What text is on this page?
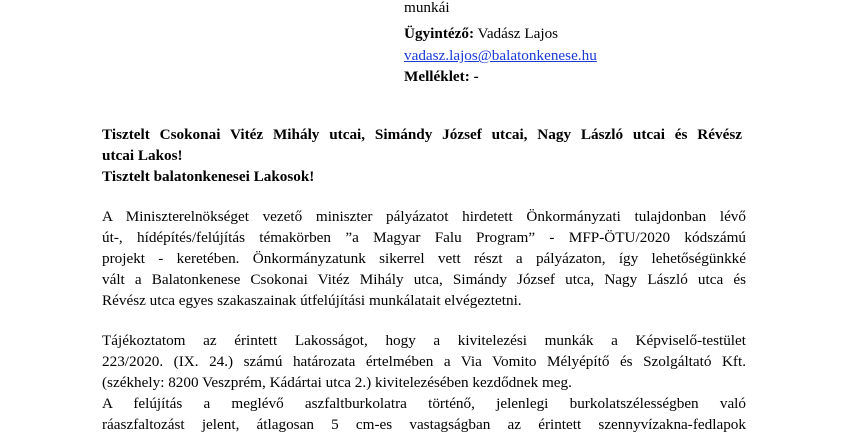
munkái
Ügyintéző: Vadász Lajos
vadasz.lajos@balatonkenese.hu
Melléklet: -
Tisztelt Csokonai Vitéz Mihály utcai, Simándy József utcai, Nagy László utcai és Révész
utcai Lakos!
Tisztelt balatonkenesei Lakosok!
A Miniszterelnökséget vezető miniszter pályázatot hirdetett Önkormányzati tulajdonban lévő
út-, hídépítés/felújítás témakörben ”a Magyar Falu Program” - MFP-ÖTU/2020 kódszámú
projekt - keretében. Önkormányzatunk sikerrel vett részt a pályázaton, így lehetőségünkké
vált a Balatonkenese Csokonai Vitéz Mihály utca, Simándy József utca, Nagy László utca és
Révész utca egyes szakaszainak útfelújítási munkálatait elvégeztetni.
Tájékoztatom az érintett Lakosságot, hogy a kivitelezési munkák a Képviselő-testület
223/2020. (IX. 24.) számú határozata értelmében a Via Vomito Mélyépítő és Szolgáltató Kft.
(székhely: 8200 Veszprém, Kádártai utca 2.) kivitelezésében kezdődnek meg.
A felújítás a meglévő aszfaltburkolatra történő, jelenlegi burkolatszélességben való
ráaszfaltozást jelent, átlagosan 5 cm-es vastagságban az érintett szennyvízakna-fedlapok
